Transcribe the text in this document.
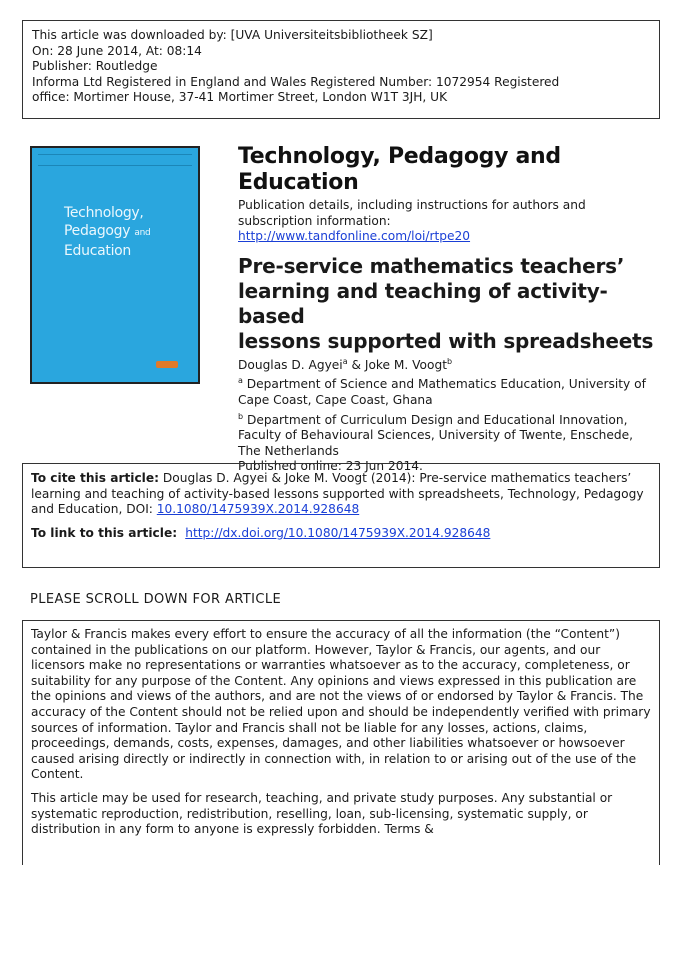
This article was downloaded by: [UVA Universiteitsbibliotheek SZ]
On: 28 June 2014, At: 08:14
Publisher: Routledge
Informa Ltd Registered in England and Wales Registered Number: 1072954 Registered
office: Mortimer House, 37-41 Mortimer Street, London W1T 3JH, UK
Technology,
Pedagogy and
Education
Technology, Pedagogy and Education
Publication details, including instructions for authors and
subscription information:
http://www.tandfonline.com/loi/rtpe20
Pre-service mathematics teachers’
learning and teaching of activity-based
lessons supported with spreadsheets
Douglas D. Agyei$^a$ & Joke M. Voogt$^b$
$^a$ Department of Science and Mathematics Education, University of
Cape Coast, Cape Coast, Ghana
$^b$ Department of Curriculum Design and Educational Innovation,
Faculty of Behavioural Sciences, University of Twente, Enschede,
The Netherlands
Published online: 23 Jun 2014.
To cite this article: Douglas D. Agyei & Joke M. Voogt (2014): Pre-service mathematics teachers’
learning and teaching of activity-based lessons supported with spreadsheets, Technology, Pedagogy
and Education, DOI: 10.1080/1475939X.2014.928648
To link to this article:  http://dx.doi.org/10.1080/1475939X.2014.928648
PLEASE SCROLL DOWN FOR ARTICLE

Taylor & Francis makes every effort to ensure the accuracy of all the information (the “Content”) contained in the publications on our platform. However, Taylor & Francis, our agents, and our licensors make no representations or warranties whatsoever as to the accuracy, completeness, or suitability for any purpose of the Content. Any opinions and views expressed in this publication are the opinions and views of the authors, and are not the views of or endorsed by Taylor & Francis. The accuracy of the Content should not be relied upon and should be independently verified with primary sources of information. Taylor and Francis shall not be liable for any losses, actions, claims, proceedings, demands, costs, expenses, damages, and other liabilities whatsoever or howsoever caused arising directly or indirectly in connection with, in relation to or arising out of the use of the Content.

This article may be used for research, teaching, and private study purposes. Any substantial or systematic reproduction, redistribution, reselling, loan, sub-licensing, systematic supply, or distribution in any form to anyone is expressly forbidden. Terms &
